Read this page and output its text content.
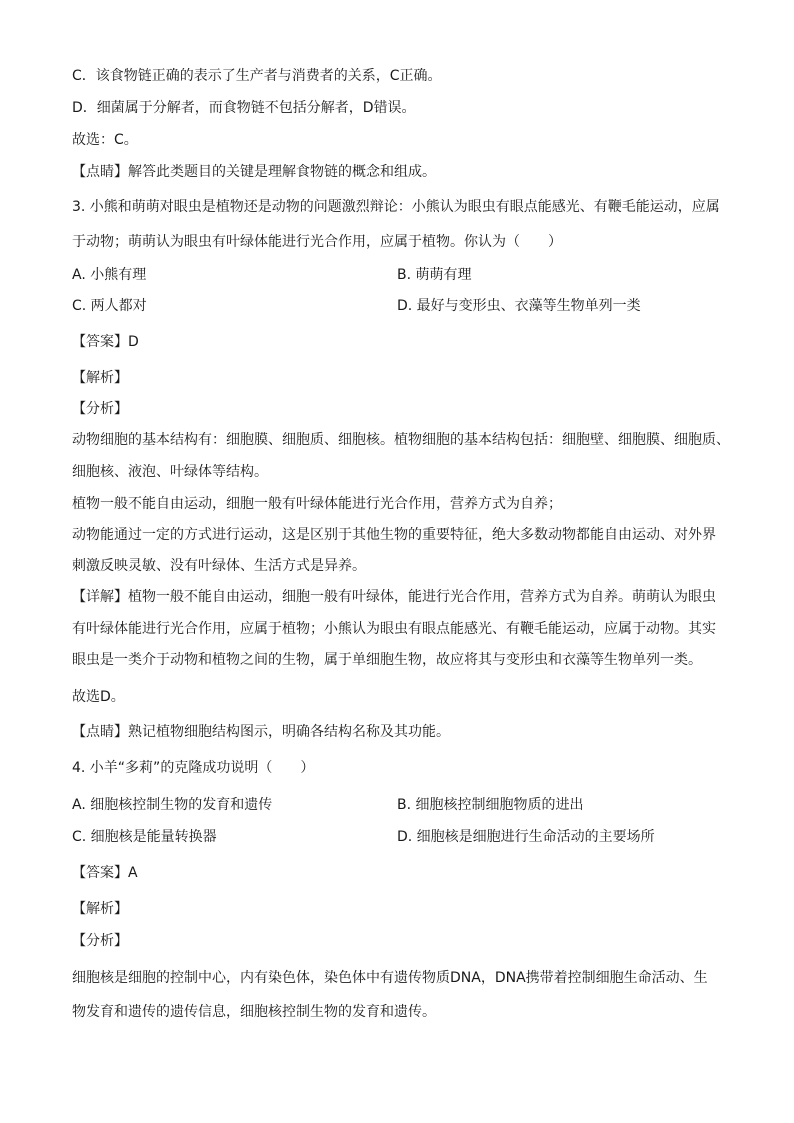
C．该食物链正确的表示了生产者与消费者的关系，C正确。
D．细菌属于分解者，而食物链不包括分解者，D错误。
故选：C。
【点睛】解答此类题目的关键是理解食物链的概念和组成。
3. 小熊和萌萌对眼虫是植物还是动物的问题激烈辩论：小熊认为眼虫有眼点能感光、有鞭毛能运动，应属
于动物；萌萌认为眼虫有叶绿体能进行光合作用，应属于植物。你认为（　　）
A. 小熊有理	B. 萌萌有理
C. 两人都对	D. 最好与变形虫、衣藻等生物单列一类
【答案】D
【解析】
【分析】
动物细胞的基本结构有：细胞膜、细胞质、细胞核。植物细胞的基本结构包括：细胞壁、细胞膜、细胞质、
细胞核、液泡、叶绿体等结构。
植物一般不能自由运动，细胞一般有叶绿体能进行光合作用，营养方式为自养；
动物能通过一定的方式进行运动，这是区别于其他生物的重要特征，绝大多数动物都能自由运动、对外界
刺激反映灵敏、没有叶绿体、生活方式是异养。
【详解】植物一般不能自由运动，细胞一般有叶绿体，能进行光合作用，营养方式为自养。萌萌认为眼虫
有叶绿体能进行光合作用，应属于植物；小熊认为眼虫有眼点能感光、有鞭毛能运动，应属于动物。其实
眼虫是一类介于动物和植物之间的生物，属于单细胞生物，故应将其与变形虫和衣藻等生物单列一类。
故选D。
【点睛】熟记植物细胞结构图示，明确各结构名称及其功能。
4. 小羊“多莉”的克隆成功说明（　　）
A. 细胞核控制生物的发育和遗传	B. 细胞核控制细胞物质的进出
C. 细胞核是能量转换器	D. 细胞核是细胞进行生命活动的主要场所
【答案】A
【解析】
【分析】
细胞核是细胞的控制中心，内有染色体，染色体中有遗传物质DNA，DNA携带着控制细胞生命活动、生
物发育和遗传的遗传信息，细胞核控制生物的发育和遗传。
